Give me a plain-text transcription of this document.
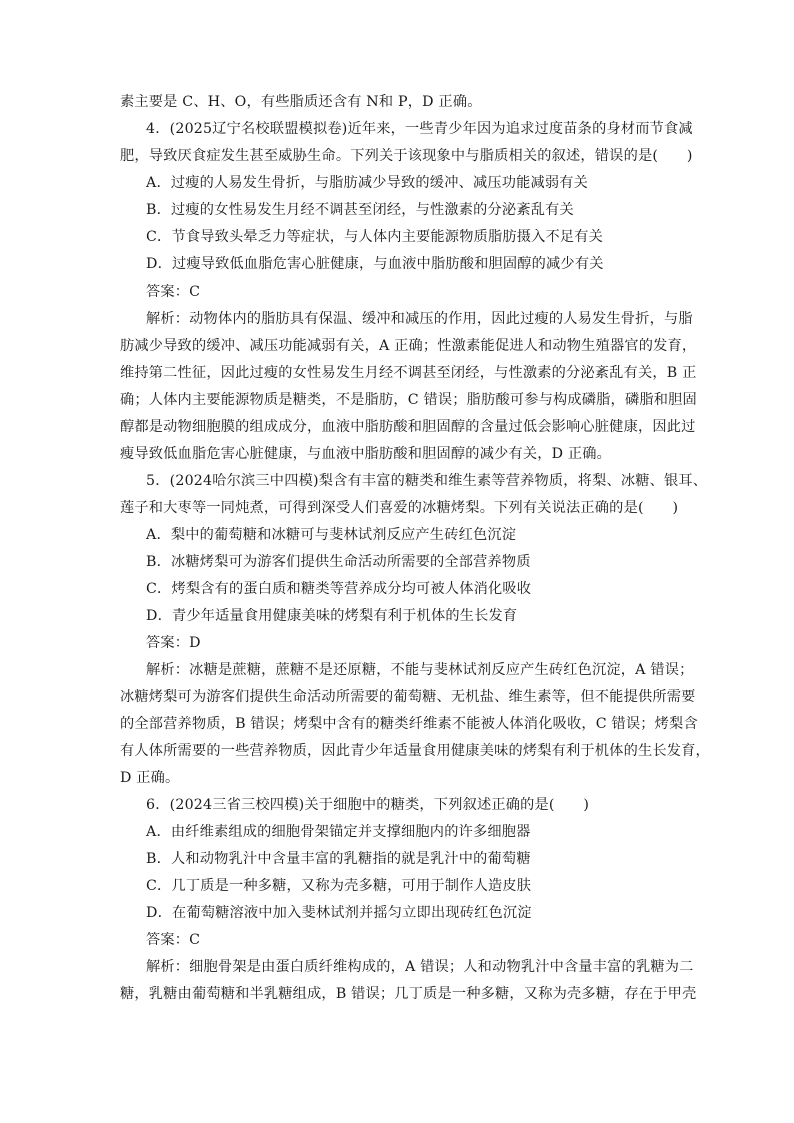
素主要是 C、H、O，有些脂质还含有 N和 P，D 正确。
4．(2025辽宁名校联盟模拟卷)近年来，一些青少年因为追求过度苗条的身材而节食减
肥，导致厌食症发生甚至威胁生命。下列关于该现象中与脂质相关的叙述，错误的是(　　)
A．过瘦的人易发生骨折，与脂肪减少导致的缓冲、减压功能减弱有关
B．过瘦的女性易发生月经不调甚至闭经，与性激素的分泌紊乱有关
C．节食导致头晕乏力等症状，与人体内主要能源物质脂肪摄入不足有关
D．过瘦导致低血脂危害心脏健康，与血液中脂肪酸和胆固醇的减少有关
答案：C
解析：动物体内的脂肪具有保温、缓冲和减压的作用，因此过瘦的人易发生骨折，与脂
肪减少导致的缓冲、减压功能减弱有关，A 正确；性激素能促进人和动物生殖器官的发育，
维持第二性征，因此过瘦的女性易发生月经不调甚至闭经，与性激素的分泌紊乱有关，B 正
确；人体内主要能源物质是糖类，不是脂肪，C 错误；脂肪酸可参与构成磷脂，磷脂和胆固
醇都是动物细胞膜的组成成分，血液中脂肪酸和胆固醇的含量过低会影响心脏健康，因此过
瘦导致低血脂危害心脏健康，与血液中脂肪酸和胆固醇的减少有关，D 正确。
5．(2024哈尔滨三中四模)梨含有丰富的糖类和维生素等营养物质，将梨、冰糖、银耳、
莲子和大枣等一同炖煮，可得到深受人们喜爱的冰糖烤梨。下列有关说法正确的是(　　)
A．梨中的葡萄糖和冰糖可与斐林试剂反应产生砖红色沉淀
B．冰糖烤梨可为游客们提供生命活动所需要的全部营养物质
C．烤梨含有的蛋白质和糖类等营养成分均可被人体消化吸收
D．青少年适量食用健康美味的烤梨有利于机体的生长发育
答案：D
解析：冰糖是蔗糖，蔗糖不是还原糖，不能与斐林试剂反应产生砖红色沉淀，A 错误；
冰糖烤梨可为游客们提供生命活动所需要的葡萄糖、无机盐、维生素等，但不能提供所需要
的全部营养物质，B 错误；烤梨中含有的糖类纤维素不能被人体消化吸收，C 错误；烤梨含
有人体所需要的一些营养物质，因此青少年适量食用健康美味的烤梨有利于机体的生长发育，
D 正确。
6．(2024三省三校四模)关于细胞中的糖类，下列叙述正确的是(　　)
A．由纤维素组成的细胞骨架锚定并支撑细胞内的许多细胞器
B．人和动物乳汁中含量丰富的乳糖指的就是乳汁中的葡萄糖
C．几丁质是一种多糖，又称为壳多糖，可用于制作人造皮肤
D．在葡萄糖溶液中加入斐林试剂并摇匀立即出现砖红色沉淀
答案：C
解析：细胞骨架是由蛋白质纤维构成的，A 错误；人和动物乳汁中含量丰富的乳糖为二
糖，乳糖由葡萄糖和半乳糖组成，B 错误；几丁质是一种多糖，又称为壳多糖，存在于甲壳
